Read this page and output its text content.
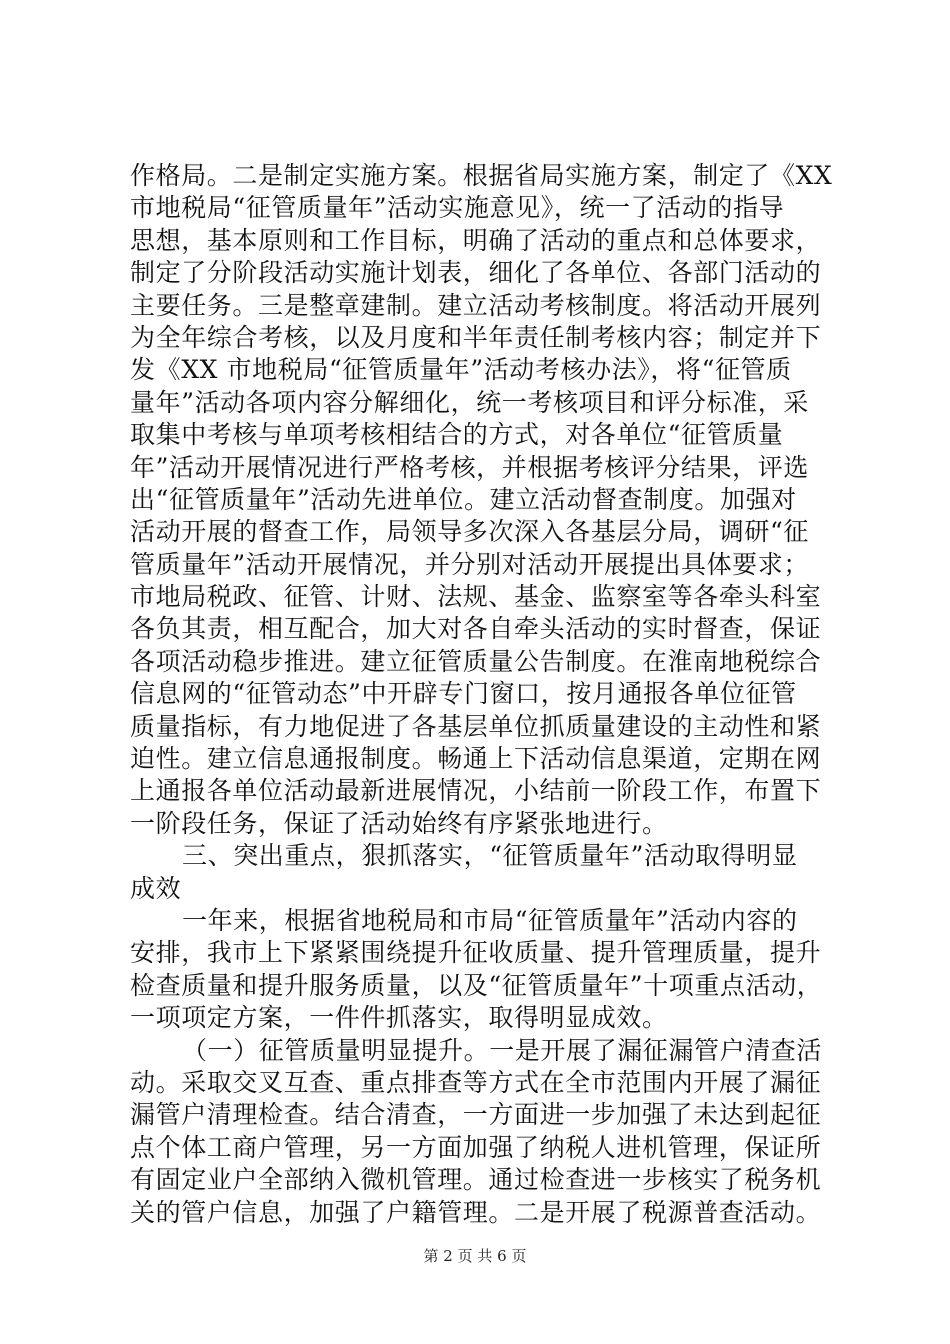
作格局。二是制定实施方案。根据省局实施方案，制定了《XX
市地税局“征管质量年”活动实施意见》，统一了活动的指导
思想，基本原则和工作目标，明确了活动的重点和总体要求，
制定了分阶段活动实施计划表，细化了各单位、各部门活动的
主要任务。三是整章建制。建立活动考核制度。将活动开展列
为全年综合考核，以及月度和半年责任制考核内容；制定并下
发《XX 市地税局“征管质量年”活动考核办法》，将“征管质
量年”活动各项内容分解细化，统一考核项目和评分标准，采
取集中考核与单项考核相结合的方式，对各单位“征管质量
年”活动开展情况进行严格考核，并根据考核评分结果，评选
出“征管质量年”活动先进单位。建立活动督查制度。加强对
活动开展的督查工作，局领导多次深入各基层分局，调研“征
管质量年”活动开展情况，并分别对活动开展提出具体要求；
市地局税政、征管、计财、法规、基金、监察室等各牵头科室
各负其责，相互配合，加大对各自牵头活动的实时督查，保证
各项活动稳步推进。建立征管质量公告制度。在淮南地税综合
信息网的“征管动态”中开辟专门窗口，按月通报各单位征管
质量指标，有力地促进了各基层单位抓质量建设的主动性和紧
迫性。建立信息通报制度。畅通上下活动信息渠道，定期在网
上通报各单位活动最新进展情况，小结前一阶段工作，布置下
一阶段任务，保证了活动始终有序紧张地进行。
三、突出重点，狠抓落实，“征管质量年”活动取得明显
成效
一年来，根据省地税局和市局“征管质量年”活动内容的
安排，我市上下紧紧围绕提升征收质量、提升管理质量，提升
检查质量和提升服务质量，以及“征管质量年”十项重点活动，
一项项定方案，一件件抓落实，取得明显成效。
（一）征管质量明显提升。一是开展了漏征漏管户清查活
动。采取交叉互查、重点排查等方式在全市范围内开展了漏征
漏管户清理检查。结合清查，一方面进一步加强了未达到起征
点个体工商户管理，另一方面加强了纳税人进机管理，保证所
有固定业户全部纳入微机管理。通过检查进一步核实了税务机
关的管户信息，加强了户籍管理。二是开展了税源普查活动。
第 2 页 共 6 页
